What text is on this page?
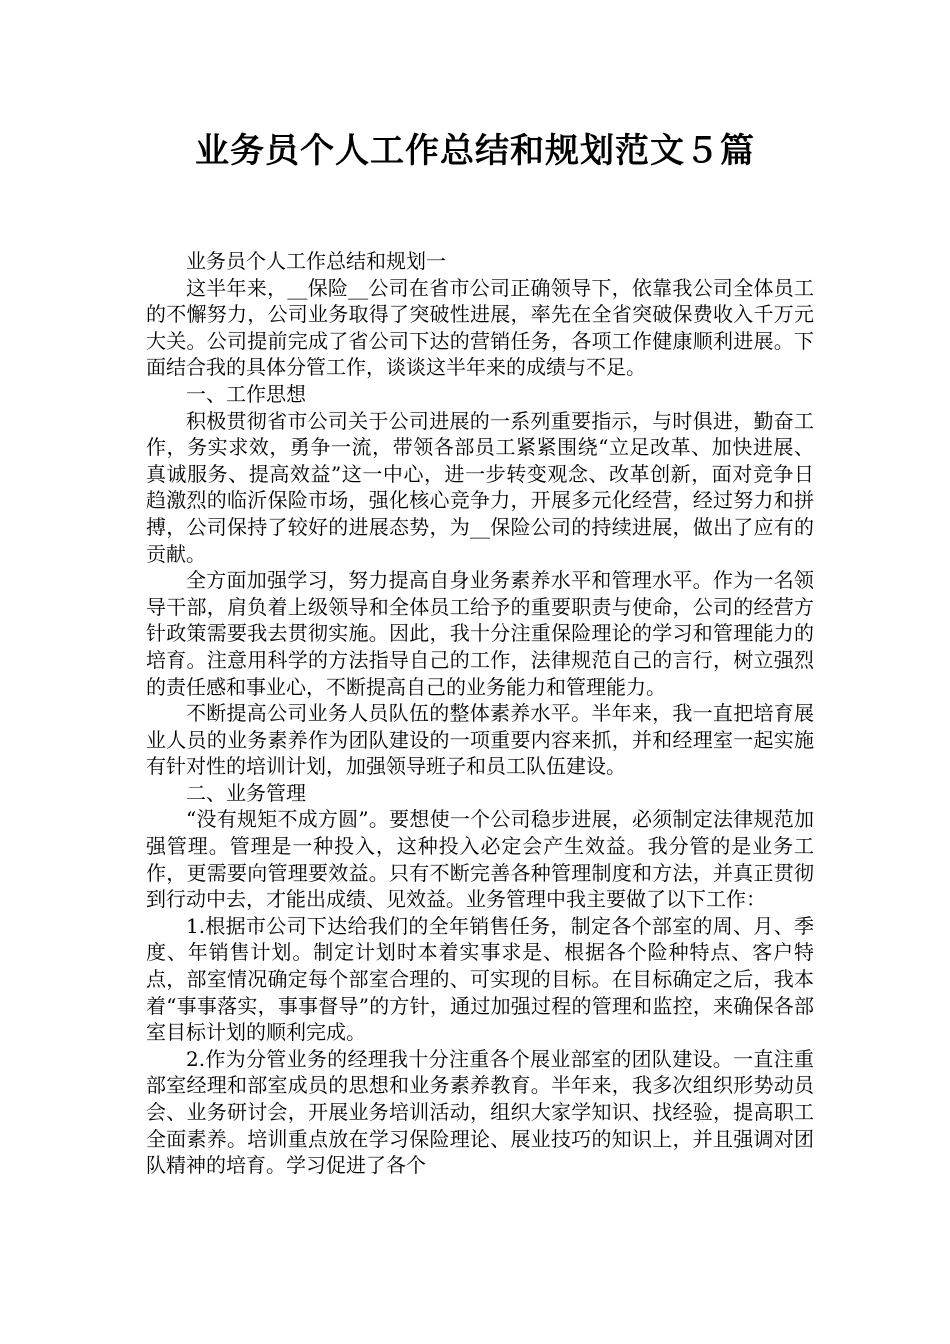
业务员个人工作总结和规划范文５篇

业务员个人工作总结和规划一

这半年来，__保险__公司在省市公司正确领导下，依靠我公司全体员工的不懈努力，公司业务取得了突破性进展，率先在全省突破保费收入千万元大关。公司提前完成了省公司下达的营销任务，各项工作健康顺利进展。下面结合我的具体分管工作，谈谈这半年来的成绩与不足。

一、工作思想

积极贯彻省市公司关于公司进展的一系列重要指示，与时俱进，勤奋工作，务实求效，勇争一流，带领各部员工紧紧围绕“立足改革、加快进展、真诚服务、提高效益”这一中心，进一步转变观念、改革创新，面对竞争日趋激烈的临沂保险市场，强化核心竞争力，开展多元化经营，经过努力和拼搏，公司保持了较好的进展态势，为__保险公司的持续进展，做出了应有的贡献。

全方面加强学习，努力提高自身业务素养水平和管理水平。作为一名领导干部，肩负着上级领导和全体员工给予的重要职责与使命，公司的经营方针政策需要我去贯彻实施。因此，我十分注重保险理论的学习和管理能力的培育。注意用科学的方法指导自己的工作，法律规范自己的言行，树立强烈的责任感和事业心，不断提高自己的业务能力和管理能力。

不断提高公司业务人员队伍的整体素养水平。半年来，我一直把培育展业人员的业务素养作为团队建设的一项重要内容来抓，并和经理室一起实施有针对性的培训计划，加强领导班子和员工队伍建设。

二、业务管理

“没有规矩不成方圆”。要想使一个公司稳步进展，必须制定法律规范加强管理。管理是一种投入，这种投入必定会产生效益。我分管的是业务工作，更需要向管理要效益。只有不断完善各种管理制度和方法，并真正贯彻到行动中去，才能出成绩、见效益。业务管理中我主要做了以下工作：

1.根据市公司下达给我们的全年销售任务，制定各个部室的周、月、季度、年销售计划。制定计划时本着实事求是、根据各个险种特点、客户特点，部室情况确定每个部室合理的、可实现的目标。在目标确定之后，我本着“事事落实，事事督导”的方针，通过加强过程的管理和监控，来确保各部室目标计划的顺利完成。

2.作为分管业务的经理我十分注重各个展业部室的团队建设。一直注重部室经理和部室成员的思想和业务素养教育。半年来，我多次组织形势动员会、业务研讨会，开展业务培训活动，组织大家学知识、找经验，提高职工全面素养。培训重点放在学习保险理论、展业技巧的知识上，并且强调对团队精神的培育。学习促进了各个
